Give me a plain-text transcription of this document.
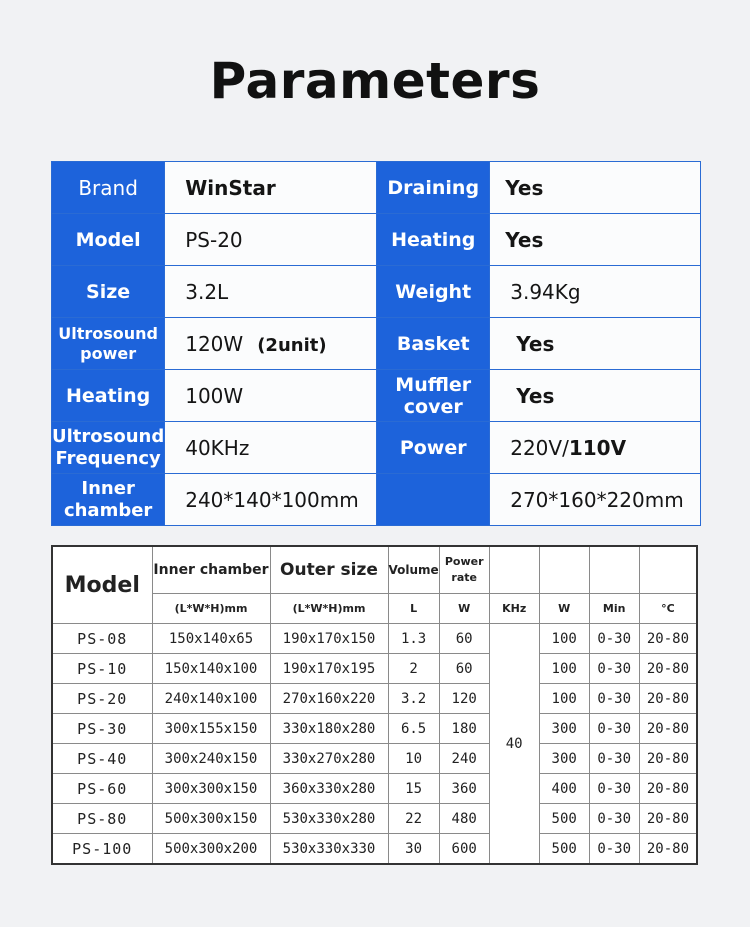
Parameters
Brand	WinStar	Draining	Yes
Model	PS-20	Heating	Yes
Size	3.2L	Weight	3.94Kg
Ultrosound power	120W (2unit)	Basket	Yes
Heating	100W	Muffler cover	Yes
Ultrosound Frequency	40KHz	Power	220V/110V
Inner chamber	240*140*100mm		270*160*220mm
Model	Inner chamber	Outer size	Volume	Power rate				
	(L*W*H)mm	(L*W*H)mm	L	W	KHz	W	Min	°C
PS-08	150x140x65	190x170x150	1.3	60	40	100	0-30	20-80
PS-10	150x140x100	190x170x195	2	60		100	0-30	20-80
PS-20	240x140x100	270x160x220	3.2	120		100	0-30	20-80
PS-30	300x155x150	330x180x280	6.5	180		300	0-30	20-80
PS-40	300x240x150	330x270x280	10	240		300	0-30	20-80
PS-60	300x300x150	360x330x280	15	360		400	0-30	20-80
PS-80	500x300x150	530x330x280	22	480		500	0-30	20-80
PS-100	500x300x200	530x330x330	30	600		500	0-30	20-80
